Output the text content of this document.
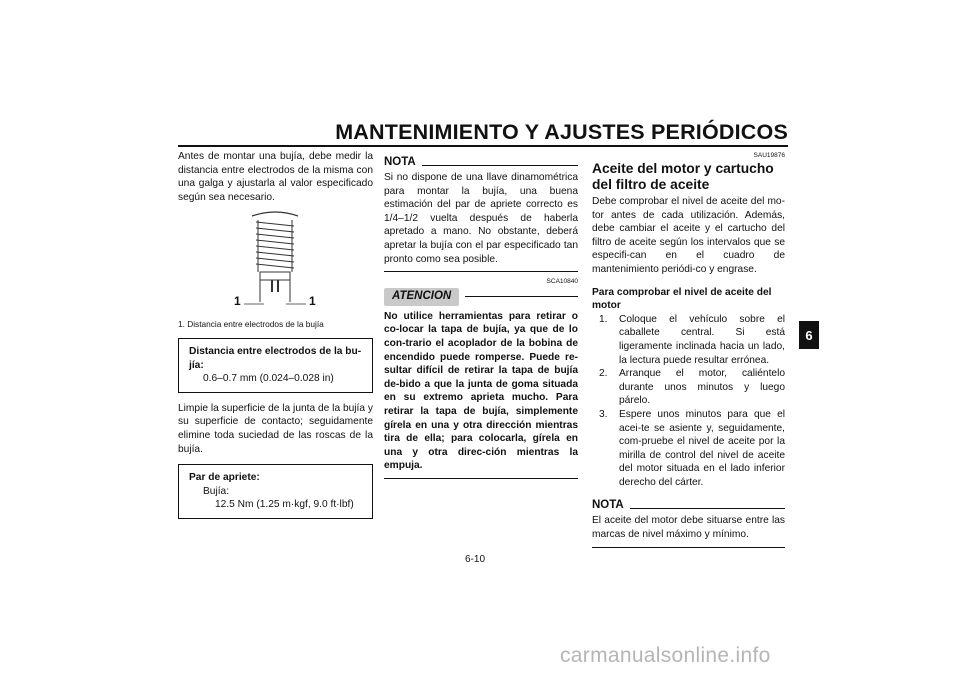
MANTENIMIENTO Y AJUSTES PERIÓDICOS

Antes de montar una bujía, debe medir la distancia entre electrodos de la misma con una galga y ajustarla al valor especificado según sea necesario.

1	1

1. Distancia entre electrodos de la bujía

Distancia entre electrodos de la bu-
jía:
0.6–0.7 mm (0.024–0.028 in)

Limpie la superficie de la junta de la bujía y su superficie de contacto; seguidamente elimine toda suciedad de las roscas de la bujía.

Par de apriete:
Bujía:
12.5 Nm (1.25 m·kgf, 9.0 ft·lbf)
NOTA

Si no dispone de una llave dinamométrica para montar la bujía, una buena estimación del par de apriete correcto es 1/4–1/2 vuelta después de haberla apretado a mano. No obstante, deberá apretar la bujía con el par especificado tan pronto como sea posible.

SCA10840
ATENCION

No utilice herramientas para retirar o co-locar la tapa de bujía, ya que de lo con-trario el acoplador de la bobina de encendido puede romperse. Puede re-sultar difícil de retirar la tapa de bujía de-bido a que la junta de goma situada en su extremo aprieta mucho. Para retirar la tapa de bujía, simplemente gírela en una y otra dirección mientras tira de ella; para colocarla, gírela en una y otra direc-ción mientras la empuja.

SAU19876
Aceite del motor y cartucho del filtro de aceite

Debe comprobar el nivel de aceite del mo-tor antes de cada utilización. Además, debe cambiar el aceite y el cartucho del filtro de aceite según los intervalos que se especifi-can en el cuadro de mantenimiento periódi-co y engrase.

Para comprobar el nivel de aceite del motor

1.	Coloque el vehículo sobre el caballete central. Si está ligeramente inclinada hacia un lado, la lectura puede resultar errónea.
2.	Arranque el motor, caliéntelo durante unos minutos y luego párelo.
3.	Espere unos minutos para que el acei-te se asiente y, seguidamente, com-pruebe el nivel de aceite por la mirilla de control del nivel de aceite del motor situada en el lado inferior derecho del cárter.
NOTA

El aceite del motor debe situarse entre las marcas de nivel máximo y mínimo.

6
6-10
carmanualsonline.info
